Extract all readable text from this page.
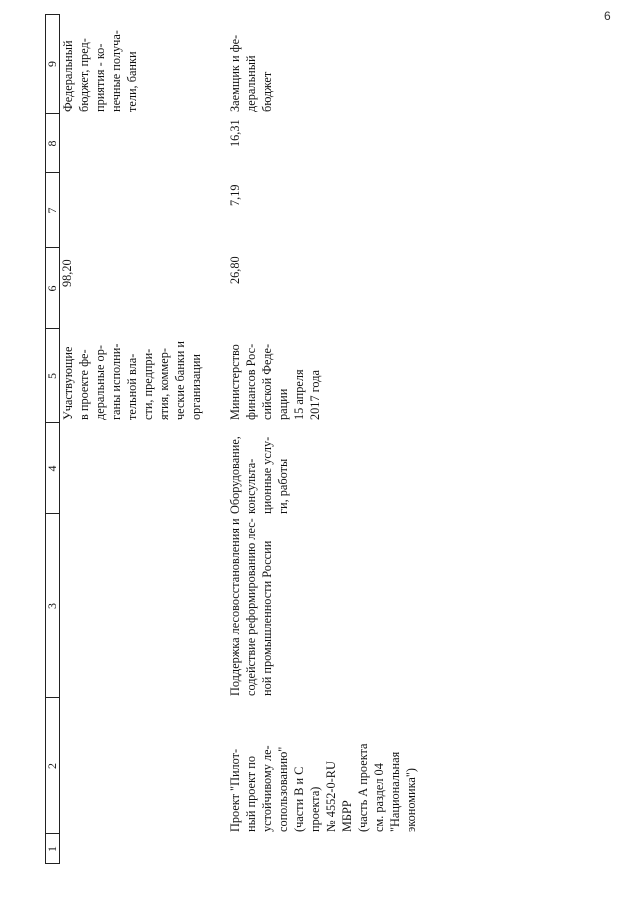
6
1
2
3
4
5
6
7
8
9

Участвующие
в проекте фе-
деральные ор-
ганы исполни-
тельной вла-
сти, предпри-
ятия, коммер-
ческие банки и
организации

98,20

Федеральный
бюджет, пред-
приятия - ко-
нечные получа-
тели, банки

Проект "Пилот-
ный проект по
устойчивому ле-
сопользованию"
(части B и C
проекта)
№ 4552-0-RU
МБРР
(часть А проекта
см. раздел 04
"Национальная
экономика")

Поддержка лесовосстановления и
содействие реформированию лес-
ной промышленности России

Оборудование,
консульта-
ционные услу-
ги, работы

Министерство
финансов Рос-
сийской Феде-
рации
15 апреля
2017 года

26,80
7,19
16,31

Заемщик и фе-
деральный
бюджет
